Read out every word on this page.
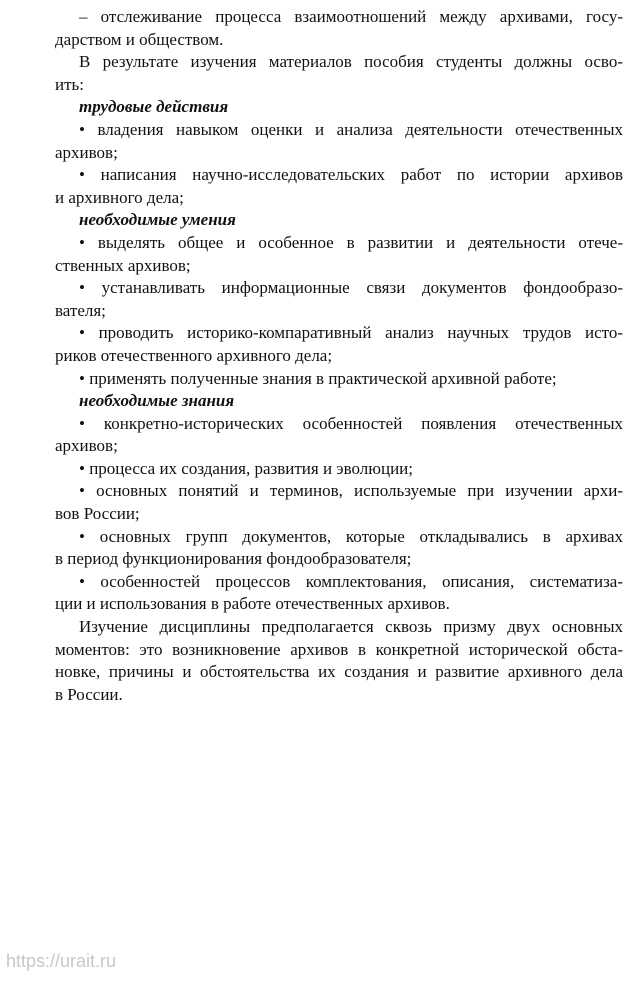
– отслеживание процесса взаимоотношений между архивами, госу-
дарством и обществом.
В результате изучения материалов пособия студенты должны осво-
ить:
трудовые действия
• владения навыком оценки и анализа деятельности отечественных
архивов;
• написания научно-исследовательских работ по истории архивов
и архивного дела;
необходимые умения
• выделять общее и особенное в развитии и деятельности отече-
ственных архивов;
• устанавливать информационные связи документов фондообразо-
вателя;
• проводить историко-компаративный анализ научных трудов исто-
риков отечественного архивного дела;
• применять полученные знания в практической архивной работе;
необходимые знания
• конкретно-исторических особенностей появления отечественных
архивов;
• процесса их создания, развития и эволюции;
• основных понятий и терминов, используемые при изучении архи-
вов России;
• основных групп документов, которые откладывались в архивах
в период функционирования фондообразователя;
• особенностей процессов комплектования, описания, систематиза-
ции и использования в работе отечественных архивов.
Изучение дисциплины предполагается сквозь призму двух основных
моментов: это возникновение архивов в конкретной исторической обста-
новке, причины и обстоятельства их создания и развитие архивного дела
в России.
https://urait.ru
